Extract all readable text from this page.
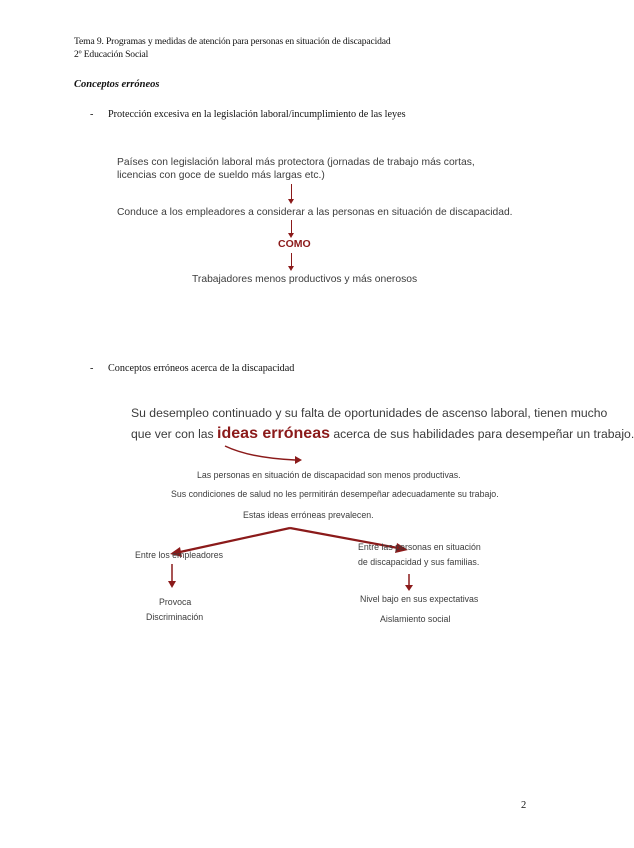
Tema 9. Programas y medidas de atención para personas en situación de discapacidad
2º Educación Social
Conceptos erróneos
-	Protección excesiva en la legislación laboral/incumplimiento de las leyes
Países con legislación laboral más protectora (jornadas de trabajo más cortas,
licencias con goce de sueldo más largas etc.)
Conduce a los empleadores a considerar a las personas en situación de discapacidad.
COMO
Trabajadores menos productivos y más onerosos
-	Conceptos erróneos acerca de la discapacidad
Su desempleo continuado y su falta de oportunidades de ascenso laboral, tienen mucho
que ver con las ideas erróneas acerca de sus habilidades para desempeñar un trabajo.
Las personas en situación de discapacidad son menos productivas.
Sus condiciones de salud no les permitirán desempeñar adecuadamente su trabajo.
Estas ideas erróneas prevalecen.
Entre los empleadores
Entre las personas en situación
de discapacidad y sus familias.
Provoca
Discriminación
Nivel bajo en sus expectativas
Aislamiento social
2
